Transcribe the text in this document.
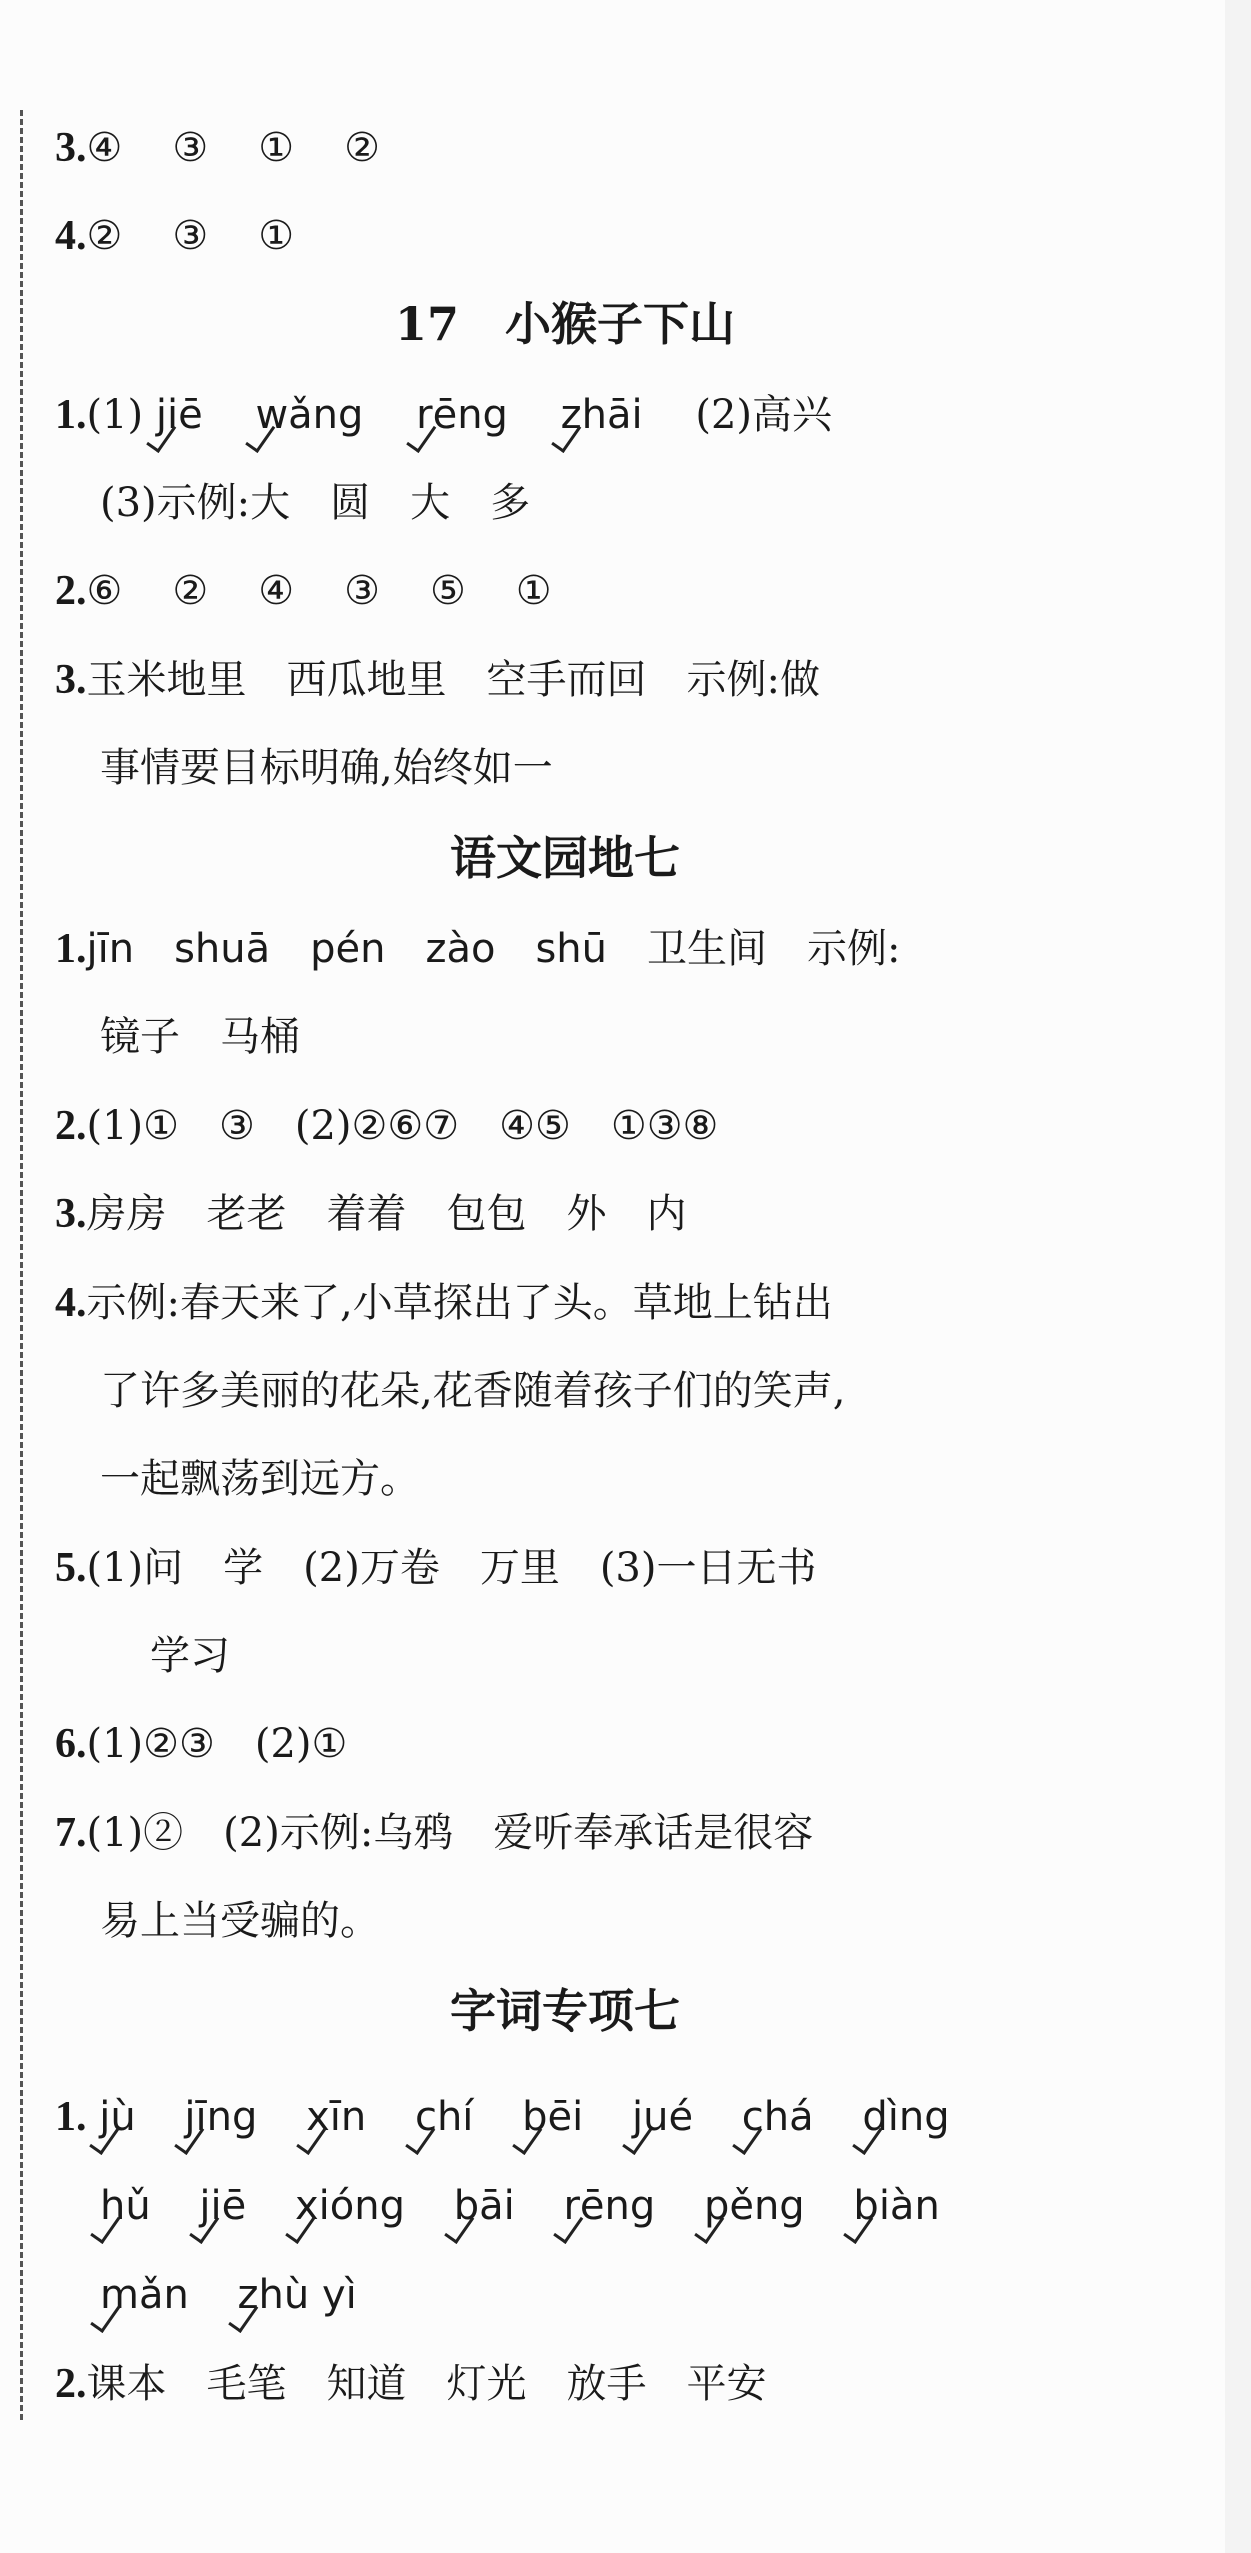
3.④ ③ ① ②
4.② ③ ①
17　小猴子下山
1.(1) jiē wǎng rēng zhāi (2)高兴
(3)示例:大　圆　大　多
2.⑥ ② ④ ③ ⑤ ①
3.玉米地里　西瓜地里　空手而回　示例:做
事情要目标明确,始终如一
语文园地七
1.jīn　shuā　pén　zào　shū 卫生间　示例:
镜子　马桶
2.(1)①　③　(2)②⑥⑦　④⑤　①③⑧
3.房房　老老　着着　包包　外　内
4.示例:春天来了,小草探出了头。草地上钻出
了许多美丽的花朵,花香随着孩子们的笑声,
一起飘荡到远方。
5.(1)问　学　(2)万卷　万里　(3)一日无书
学习
6.(1)②③　(2)①
7.(1)②　(2)示例:乌鸦　爱听奉承话是很容
易上当受骗的。
字词专项七
1. jù jīng xīn chí bēi jué chá dìng
hǔ jiē xióng bāi rēng pěng biàn
mǎn zhù yì
2.课本　毛笔　知道　灯光　放手　平安
